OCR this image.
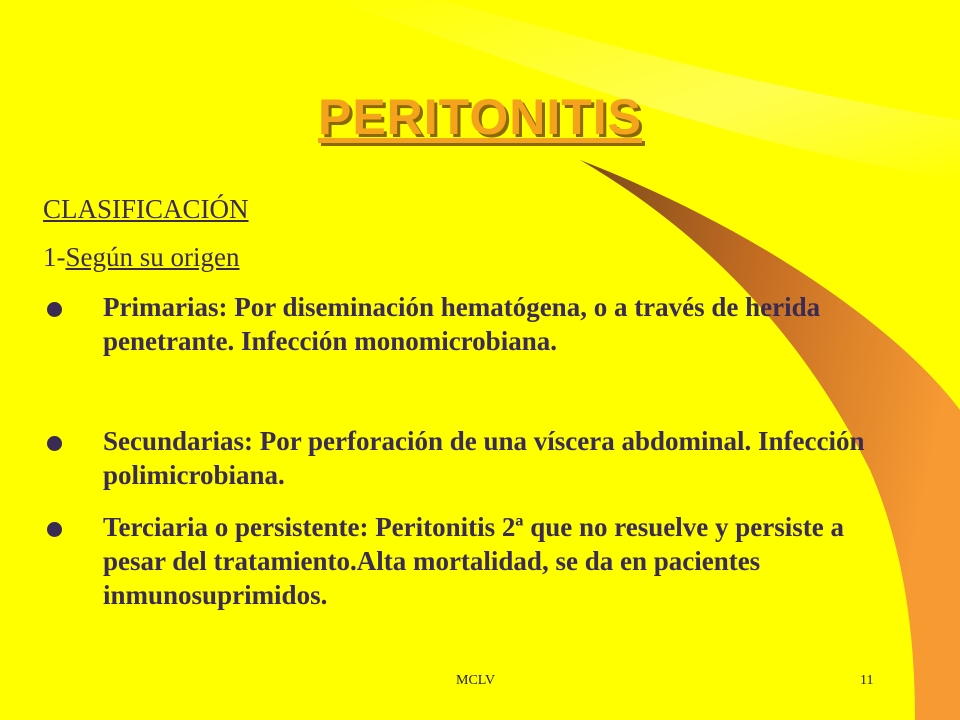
PERITONITIS
CLASIFICACIÓN
1-Según su origen
Primarias: Por diseminación hematógena, o a través de herida penetrante. Infección monomicrobiana.
Secundarias: Por perforación de una víscera abdominal. Infección polimicrobiana.
Terciaria o persistente: Peritonitis 2ª que no resuelve y persiste a pesar del tratamiento.Alta mortalidad, se da en pacientes inmunosuprimidos.
MCLV	11
